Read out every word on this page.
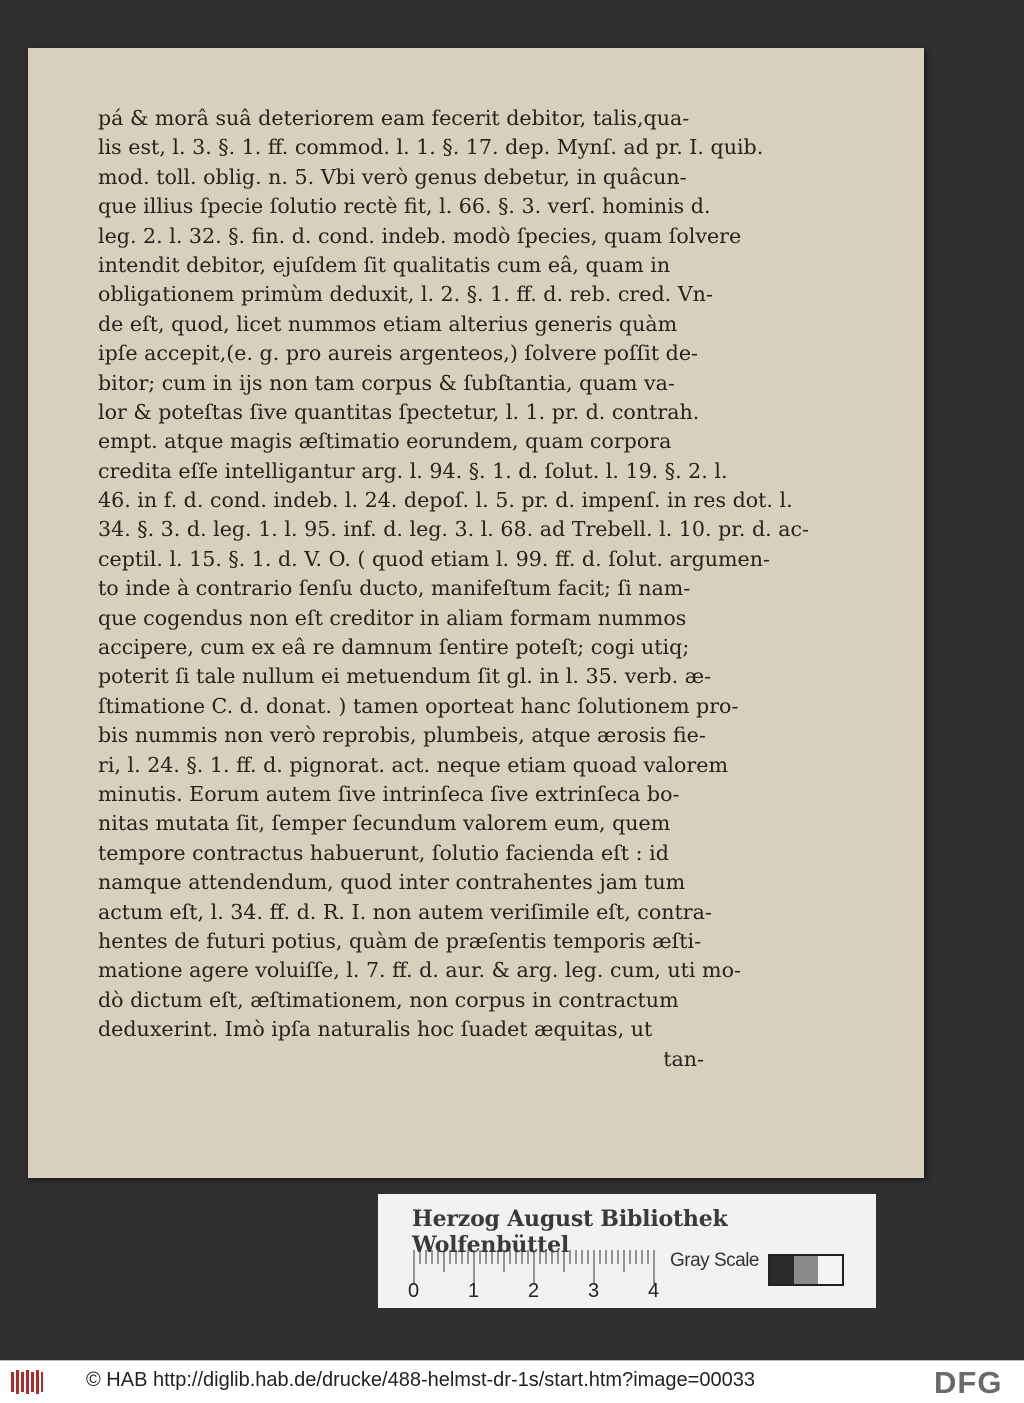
pá & morâ suâ deteriorem eam fecerit debitor, talis,qua-
lis est, l. 3. §. 1. ff. commod. l. 1. §. 17. dep. Mynſ. ad pr. I. quib.
mod. toll. oblig. n. 5. Vbi verò genus debetur, in quâcun-
que illius ſpecie ſolutio rectè fit, l. 66. §. 3. verſ. hominis d.
leg. 2. l. 32. §. fin. d. cond. indeb. modò ſpecies, quam ſolvere
intendit debitor, ejuſdem ſit qualitatis cum eâ, quam in
obligationem primùm deduxit, l. 2. §. 1. ff. d. reb. cred. Vn-
de eſt, quod, licet nummos etiam alterius generis quàm
ipſe accepit,(e. g. pro aureis argenteos,) ſolvere poſſit de-
bitor; cum in ijs non tam corpus & ſubſtantia, quam va-
lor & poteſtas ſive quantitas ſpectetur, l. 1. pr. d. contrah.
empt. atque magis æſtimatio eorundem, quam corpora
credita eſſe intelligantur arg. l. 94. §. 1. d. ſolut. l. 19. §. 2. l.
46. in f. d. cond. indeb. l. 24. depoſ. l. 5. pr. d. impenſ. in res dot. l.
34. §. 3. d. leg. 1. l. 95. inf. d. leg. 3. l. 68. ad Trebell. l. 10. pr. d. ac-
ceptil. l. 15. §. 1. d. V. O. ( quod etiam l. 99. ff. d. ſolut. argumen-
to inde à contrario ſenſu ducto, manifeſtum facit; ſi nam-
que cogendus non eſt creditor in aliam formam nummos
accipere, cum ex eâ re damnum ſentire poteſt; cogi utiq;
poterit ſi tale nullum ei metuendum ſit gl. in l. 35. verb. æ-
ſtimatione C. d. donat. ) tamen oporteat hanc ſolutionem pro-
bis nummis non verò reprobis, plumbeis, atque ærosis fie-
ri, l. 24. §. 1. ff. d. pignorat. act. neque etiam quoad valorem
minutis. Eorum autem ſive intrinſeca ſive extrinſeca bo-
nitas mutata ſit, ſemper ſecundum valorem eum, quem
tempore contractus habuerunt, ſolutio facienda eſt : id
namque attendendum, quod inter contrahentes jam tum
actum eſt, l. 34. ff. d. R. I. non autem veriſimile eſt, contra-
hentes de futuri potius, quàm de præſentis temporis æſti-
matione agere voluiſſe, l. 7. ff. d. aur. & arg. leg. cum, uti mo-
dò dictum eſt, æſtimationem, non corpus in contractum
deduxerint. Imò ipſa naturalis hoc ſuadet æquitas, ut
tan-
Herzog August Bibliothek Wolfenbüttel
0 1 2 3 4
Gray Scale
© HAB http://diglib.hab.de/drucke/488-helmst-dr-1s/start.htm?image=00033	DFG
